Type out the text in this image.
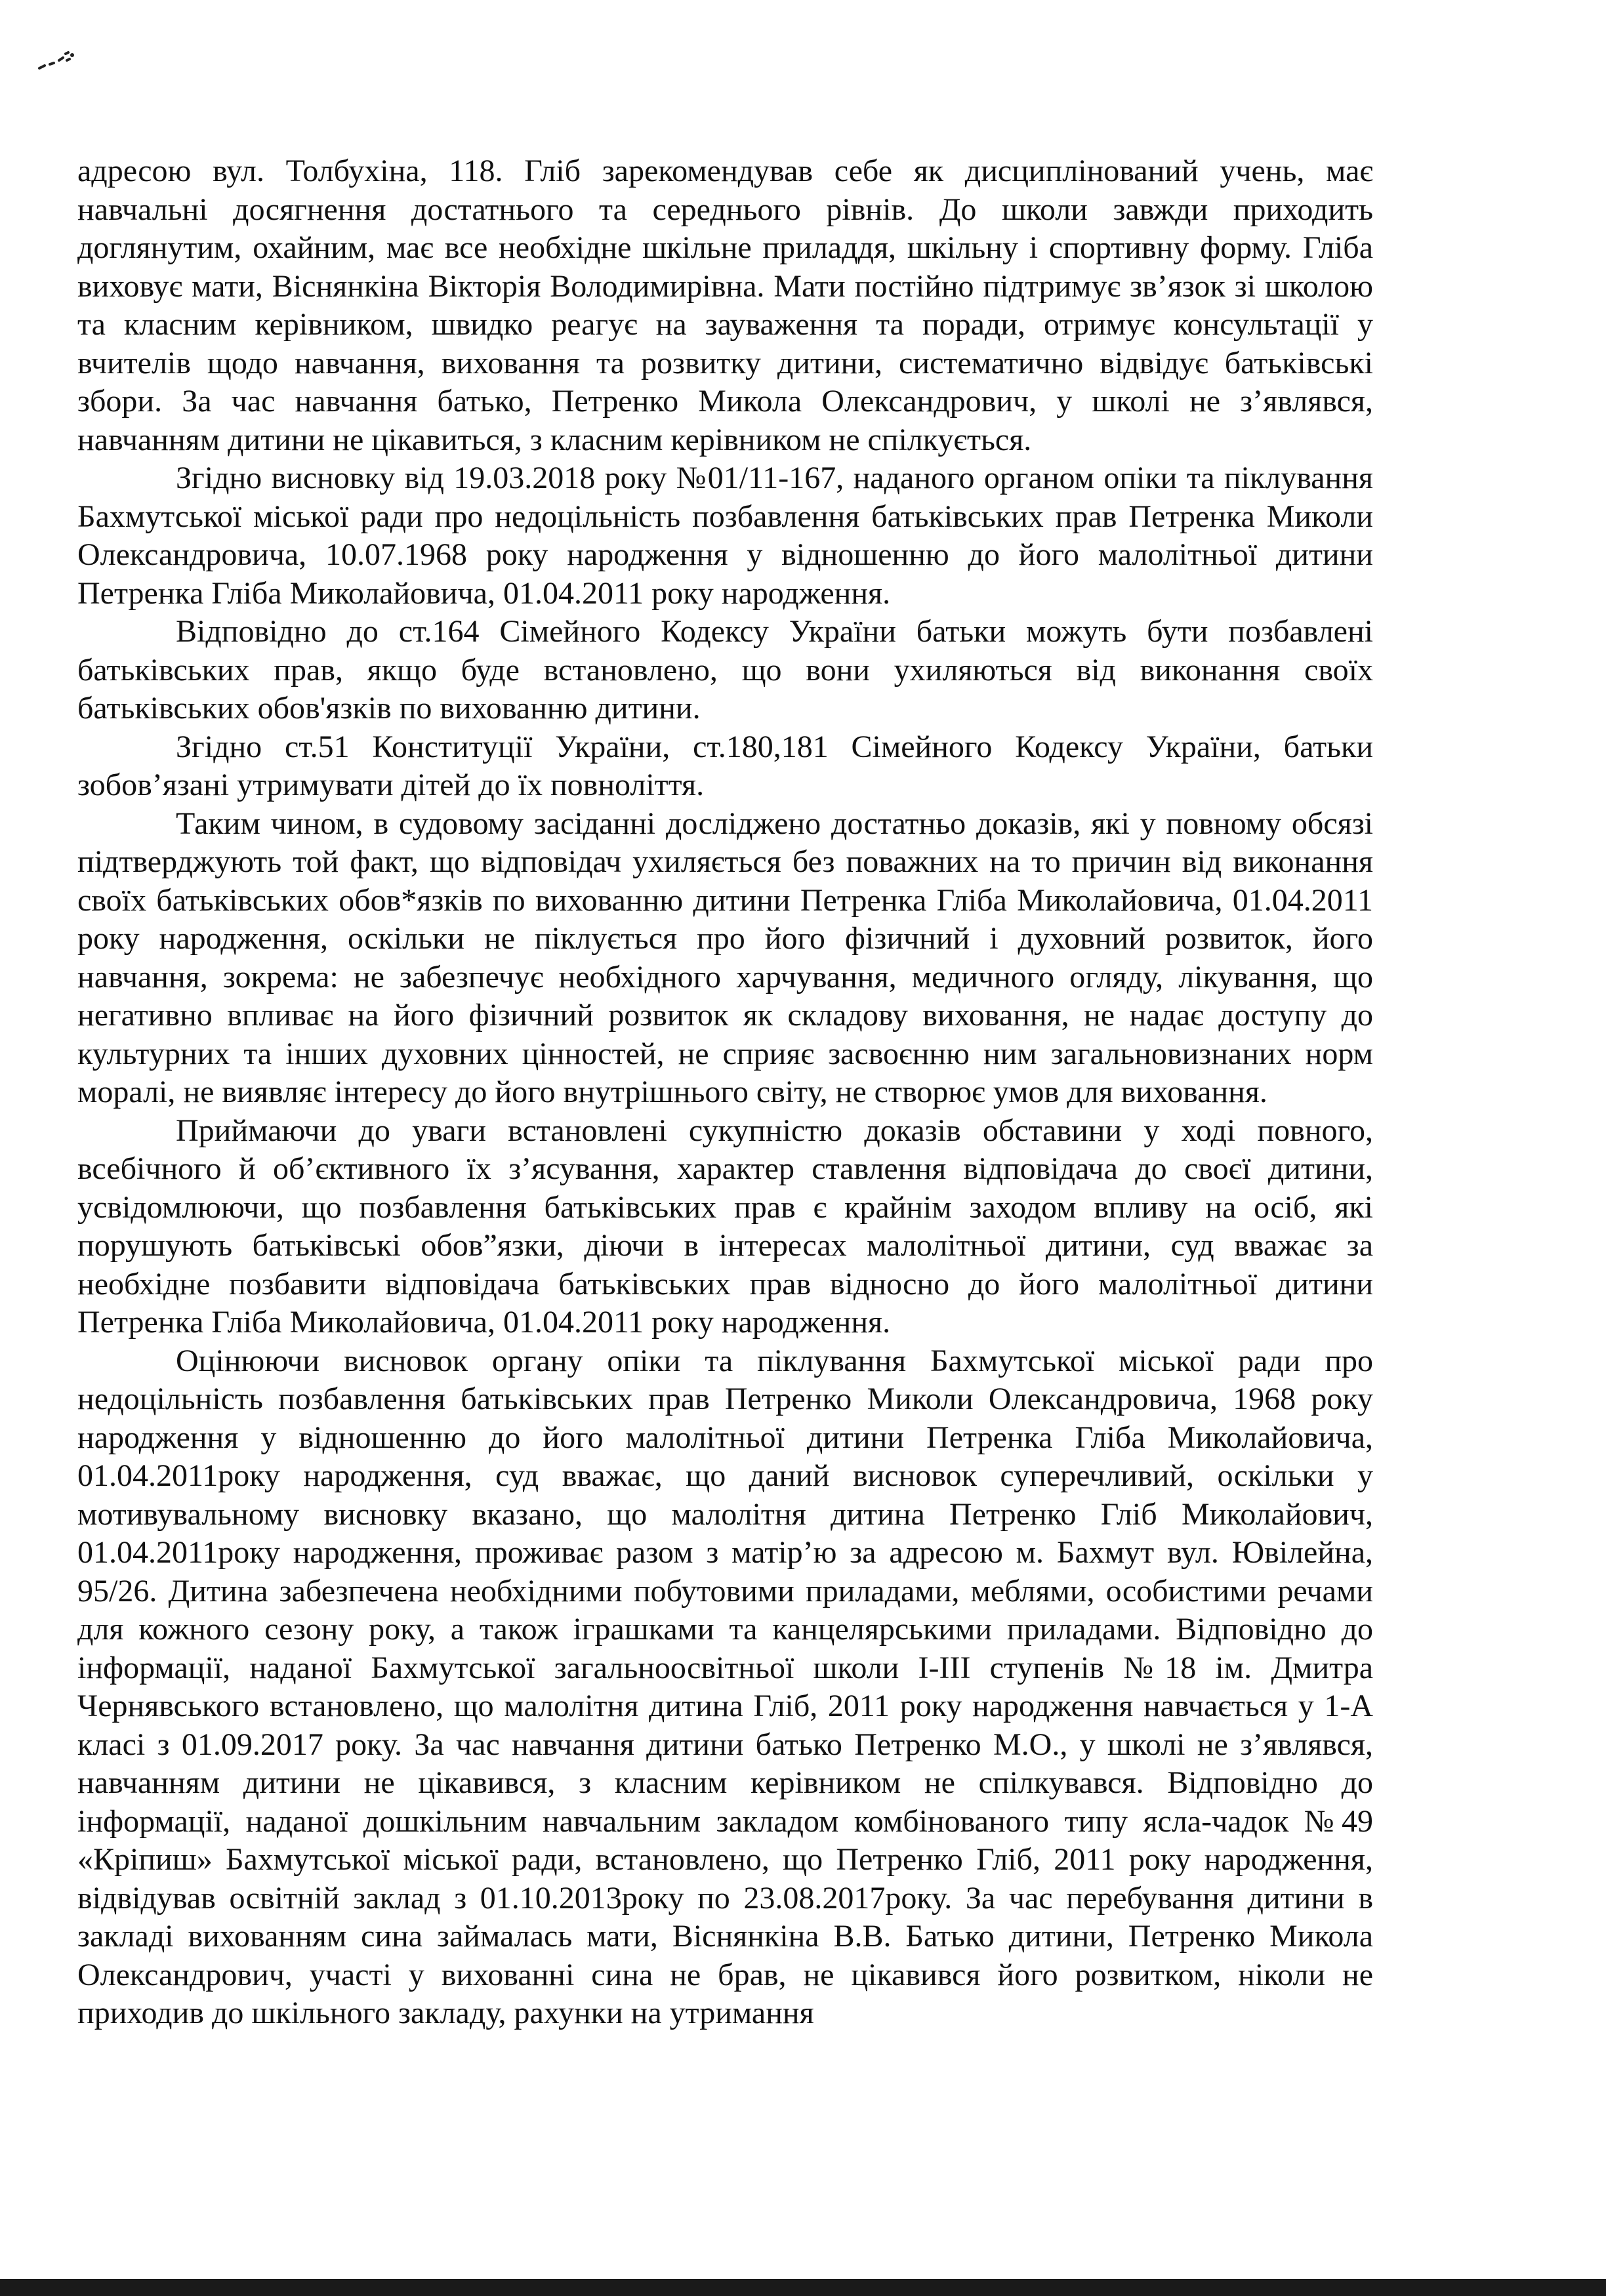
адресою вул. Толбухіна, 118. Гліб зарекомендував себе як дисциплінований учень, має навчальні досягнення достатнього та середнього рівнів. До школи завжди приходить доглянутим, охайним, має все необхідне шкільне приладдя, шкільну і спортивну форму. Гліба виховує мати, Віснянкіна Вікторія Володимирівна. Мати постійно підтримує зв’язок зі школою та класним керівником, швидко реагує на зауваження та поради, отримує консультації у вчителів щодо навчання, виховання та розвитку дитини, систематично відвідує батьківські збори. За час навчання батько, Петренко Микола Олександрович, у школі не з’являвся, навчанням дитини не цікавиться, з класним керівником не спілкується.

Згідно висновку від 19.03.2018 року №01/11-167, наданого органом опіки та піклування Бахмутської міської ради про недоцільність позбавлення батьківських прав Петренка Миколи Олександровича, 10.07.1968 року народження у відношенню до його малолітньої дитини Петренка Гліба Миколайовича, 01.04.2011 року народження.

Відповідно до ст.164 Сімейного Кодексу України батьки можуть бути позбавлені батьківських прав, якщо буде встановлено, що вони ухиляються від виконання своїх батьківських обов'язків по вихованню дитини.

Згідно ст.51 Конституції України, ст.180,181 Сімейного Кодексу України, батьки зобов’язані утримувати дітей до їх повноліття.

Таким чином, в судовому засіданні досліджено достатньо доказів, які у повному обсязі підтверджують той факт, що відповідач ухиляється без поважних на то причин від виконання своїх батьківських обов*язків по вихованню дитини Петренка Гліба Миколайовича, 01.04.2011 року народження, оскільки не піклується про його фізичний і духовний розвиток, його навчання, зокрема: не забезпечує необхідного харчування, медичного огляду, лікування, що негативно впливає на його фізичний розвиток як складову виховання, не надає доступу до культурних та інших духовних цінностей, не сприяє засвоєнню ним загальновизнаних норм моралі, не виявляє інтересу до його внутрішнього світу, не створює умов для виховання.

Приймаючи до уваги встановлені сукупністю доказів обставини у ході повного, всебічного й об’єктивного їх з’ясування, характер ставлення відповідача до своєї дитини, усвідомлюючи, що позбавлення батьківських прав є крайнім заходом впливу на осіб, які порушують батьківські обов”язки, діючи в інтересах малолітньої дитини, суд вважає за необхідне позбавити відповідача батьківських прав відносно до його малолітньої дитини Петренка Гліба Миколайовича, 01.04.2011 року народження.

Оцінюючи висновок органу опіки та піклування Бахмутської міської ради про недоцільність позбавлення батьківських прав Петренко Миколи Олександровича, 1968 року народження у відношенню до його малолітньої дитини Петренка Гліба Миколайовича, 01.04.2011року народження, суд вважає, що даний висновок суперечливий, оскільки у мотивувальному висновку вказано, що малолітня дитина Петренко Гліб Миколайович, 01.04.2011року народження, проживає разом з матір’ю за адресою м. Бахмут вул. Ювілейна, 95/26. Дитина забезпечена необхідними побутовими приладами, меблями, особистими речами для кожного сезону року, а також іграшками та канцелярськими приладами. Відповідно до інформації, наданої Бахмутської загальноосвітньої школи І-ІІІ ступенів №18 ім. Дмитра Чернявського встановлено, що малолітня дитина Гліб, 2011 року народження навчається у 1-А класі з 01.09.2017 року. За час навчання дитини батько Петренко М.О., у школі не з’являвся, навчанням дитини не цікавився, з класним керівником не спілкувався. Відповідно до інформації, наданої дошкільним навчальним закладом комбінованого типу ясла-чадок №49 «Кріпиш» Бахмутської міської ради, встановлено, що Петренко Гліб, 2011 року народження, відвідував освітній заклад з 01.10.2013року по 23.08.2017року. За час перебування дитини в закладі вихованням сина займалась мати, Віснянкіна В.В. Батько дитини, Петренко Микола Олександрович, участі у вихованні сина не брав, не цікавився його розвитком, ніколи не приходив до шкільного закладу, рахунки на утримання
